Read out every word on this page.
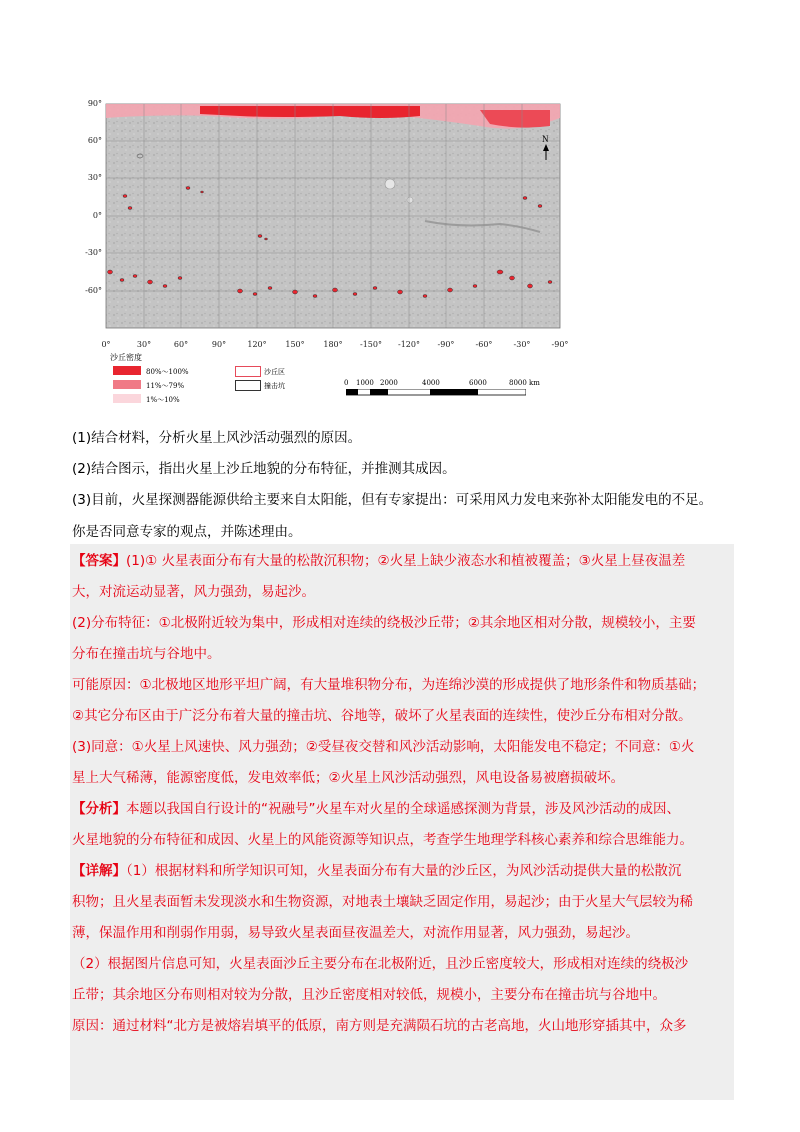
N
90°
60°
30°
0°
-30°
-60°
0°	30°	60°	90°	120°	150°	180°	-150°	-120°	-90°	-60°	-30°	-90°
沙丘密度
80%～100%
11%～79%
1%～10%
沙丘区
撞击坑	0 1000 2000	4000	6000	8000 km
(1)结合材料，分析火星上风沙活动强烈的原因。
(2)结合图示，指出火星上沙丘地貌的分布特征，并推测其成因。
(3)目前，火星探测器能源供给主要来自太阳能，但有专家提出：可采用风力发电来弥补太阳能发电的不足。
你是否同意专家的观点，并陈述理由。
【答案】(1)① 火星表面分布有大量的松散沉积物；②火星上缺少液态水和植被覆盖；③火星上昼夜温差
大，对流运动显著，风力强劲，易起沙。
(2)分布特征：①北极附近较为集中，形成相对连续的绕极沙丘带；②其余地区相对分散，规模较小，主要
分布在撞击坑与谷地中。
可能原因：①北极地区地形平坦广阔，有大量堆积物分布，为连绵沙漠的形成提供了地形条件和物质基础；
②其它分布区由于广泛分布着大量的撞击坑、谷地等，破坏了火星表面的连续性，使沙丘分布相对分散。
(3)同意：①火星上风速快、风力强劲；②受昼夜交替和风沙活动影响，太阳能发电不稳定；不同意：①火
星上大气稀薄，能源密度低，发电效率低；②火星上风沙活动强烈，风电设备易被磨损破坏。
【分析】本题以我国自行设计的“祝融号”火星车对火星的全球遥感探测为背景，涉及风沙活动的成因、
火星地貌的分布特征和成因、火星上的风能资源等知识点，考查学生地理学科核心素养和综合思维能力。
【详解】（1）根据材料和所学知识可知，火星表面分布有大量的沙丘区，为风沙活动提供大量的松散沉
积物；且火星表面暂未发现淡水和生物资源，对地表土壤缺乏固定作用，易起沙；由于火星大气层较为稀
薄，保温作用和削弱作用弱，易导致火星表面昼夜温差大，对流作用显著，风力强劲，易起沙。
（2）根据图片信息可知，火星表面沙丘主要分布在北极附近，且沙丘密度较大，形成相对连续的绕极沙
丘带；其余地区分布则相对较为分散，且沙丘密度相对较低，规模小，主要分布在撞击坑与谷地中。
原因：通过材料“北方是被熔岩填平的低原，南方则是充满陨石坑的古老高地，火山地形穿插其中，众多
